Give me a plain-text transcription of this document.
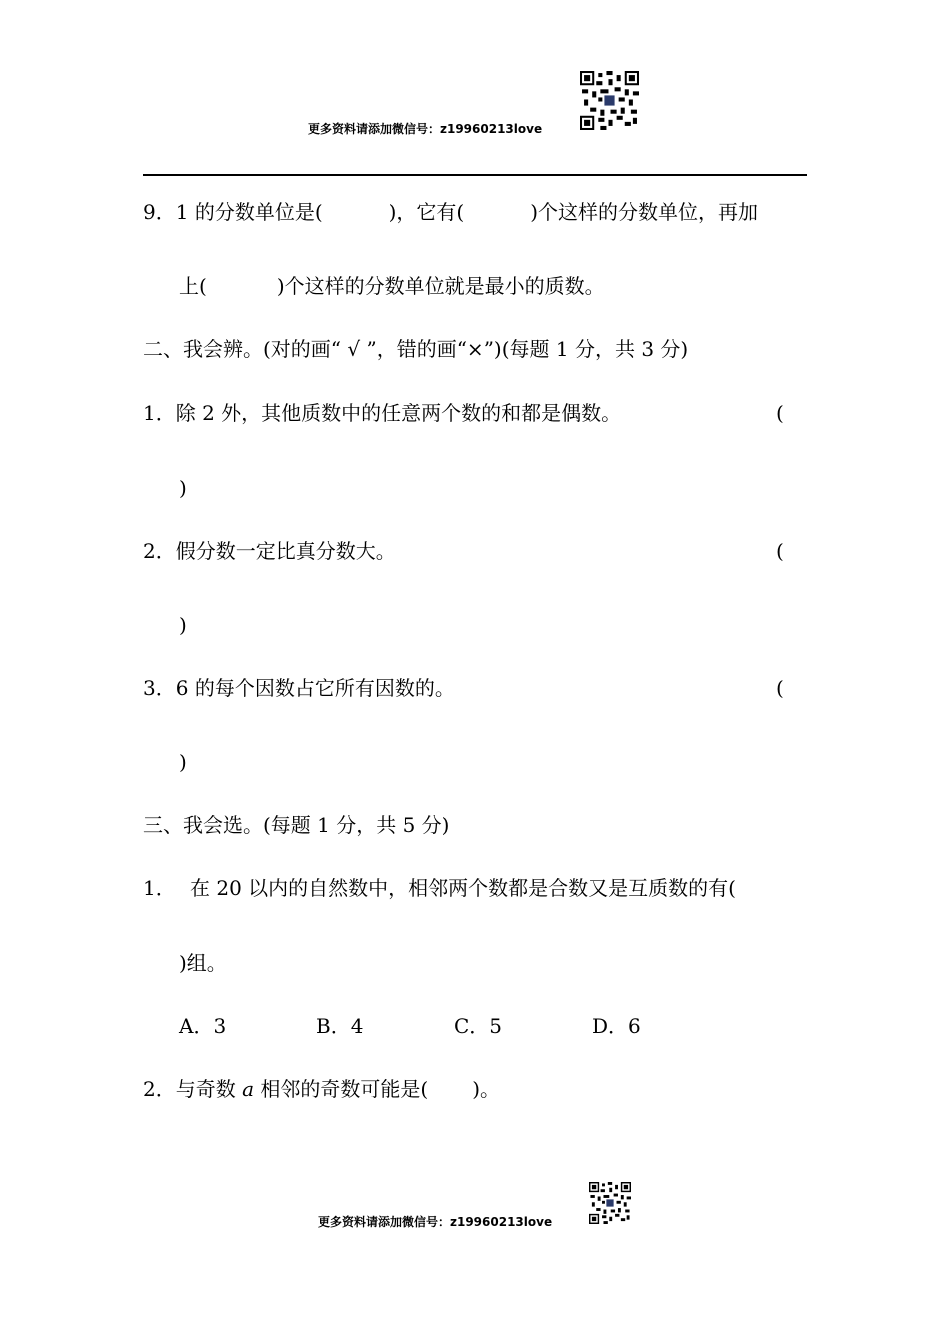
更多资料请添加微信号：z19960213love
9．1 的分数单位是(	)，它有(	)个这样的分数单位，再加
上(	)个这样的分数单位就是最小的质数。
二、我会辨。(对的画“ √ ”，错的画“×”)(每题 1 分，共 3 分)
1．除 2 外，其他质数中的任意两个数的和都是偶数。	(
)
2．假分数一定比真分数大。	(
)
3．6 的每个因数占它所有因数的。	(
)
三、我会选。(每题 1 分，共 5 分)
1． 在 20 以内的自然数中，相邻两个数都是合数又是互质数的有(
)组。
A．3	B．4	C．5	D．6
2．与奇数 a 相邻的奇数可能是( )。
更多资料请添加微信号：z19960213love
